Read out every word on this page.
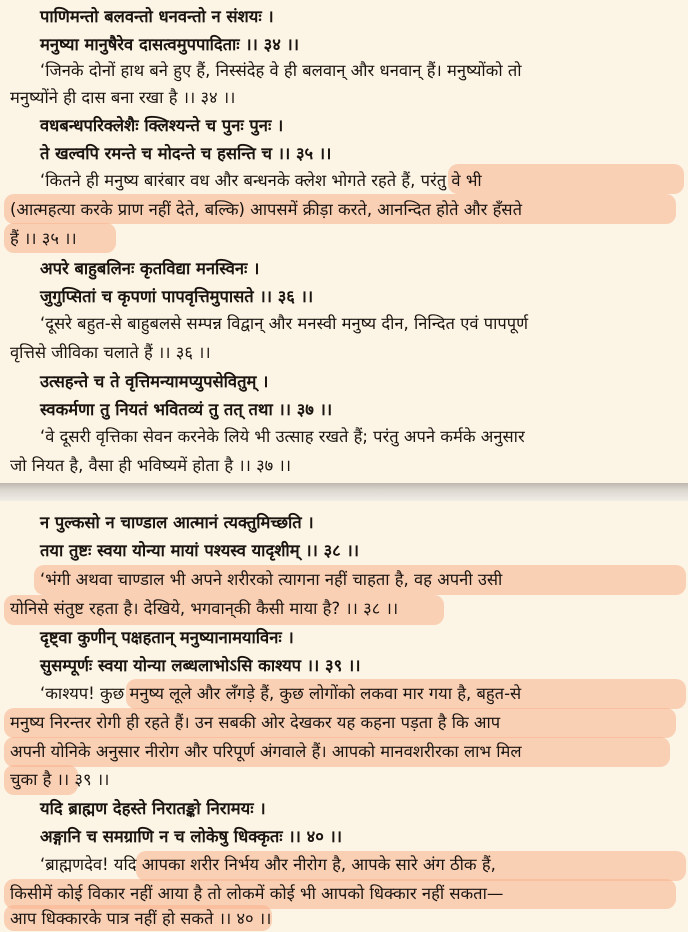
पाणिमन्तो बलवन्तो धनवन्तो न संशयः ।
मनुष्या मानुषैरेव दासत्वमुपपादिताः ।। ३४ ।।
‘जिनके दोनों हाथ बने हुए हैं, निस्संदेह वे ही बलवान् और धनवान् हैं। मनुष्योंको तो
मनुष्योंने ही दास बना रखा है ।। ३४ ।।
वधबन्धपरिक्लेशैः क्लिश्यन्ते च पुनः पुनः ।
ते खल्वपि रमन्ते च मोदन्ते च हसन्ति च ।। ३५ ।।
‘कितने ही मनुष्य बारंबार वध और बन्धनके क्लेश भोगते रहते हैं, परंतु वे भी
(आत्महत्या करके प्राण नहीं देते, बल्कि) आपसमें क्रीड़ा करते, आनन्दित होते और हँसते
हैं ।। ३५ ।।
अपरे बाहुबलिनः कृतविद्या मनस्विनः ।
जुगुप्सितां च कृपणां पापवृत्तिमुपासते ।। ३६ ।।
‘दूसरे बहुत-से बाहुबलसे सम्पन्न विद्वान् और मनस्वी मनुष्य दीन, निन्दित एवं पापपूर्ण
वृत्तिसे जीविका चलाते हैं ।। ३६ ।।
उत्सहन्ते च ते वृत्तिमन्यामप्युपसेवितुम् ।
स्वकर्मणा तु नियतं भवितव्यं तु तत् तथा ।। ३७ ।।
‘वे दूसरी वृत्तिका सेवन करनेके लिये भी उत्साह रखते हैं; परंतु अपने कर्मके अनुसार
जो नियत है, वैसा ही भविष्यमें होता है ।। ३७ ।।
न पुल्कसो न चाण्डाल आत्मानं त्यक्तुमिच्छति ।
तया तुष्टः स्वया योन्या मायां पश्यस्व यादृशीम् ।। ३८ ।।
‘भंगी अथवा चाण्डाल भी अपने शरीरको त्यागना नहीं चाहता है, वह अपनी उसी
योनिसे संतुष्ट रहता है। देखिये, भगवान्‌की कैसी माया है? ।। ३८ ।।
दृष्ट्वा कुणीन् पक्षहतान् मनुष्यानामयाविनः ।
सुसम्पूर्णः स्वया योन्या लब्धलाभोऽसि काश्यप ।। ३९ ।।
‘काश्यप! कुछ मनुष्य लूले और लँगड़े हैं, कुछ लोगोंको लकवा मार गया है, बहुत-से
मनुष्य निरन्तर रोगी ही रहते हैं। उन सबकी ओर देखकर यह कहना पड़ता है कि आप
अपनी योनिके अनुसार नीरोग और परिपूर्ण अंगवाले हैं। आपको मानवशरीरका लाभ मिल
चुका है ।। ३९ ।।
यदि ब्राह्मण देहस्ते निरातङ्को निरामयः ।
अङ्गानि च समग्राणि न च लोकेषु धिक्कृतः ।। ४० ।।
‘ब्राह्मणदेव! यदि आपका शरीर निर्भय और नीरोग है, आपके सारे अंग ठीक हैं,
किसीमें कोई विकार नहीं आया है तो लोकमें कोई भी आपको धिक्कार नहीं सकता—
आप धिक्कारके पात्र नहीं हो सकते ।। ४० ।।
